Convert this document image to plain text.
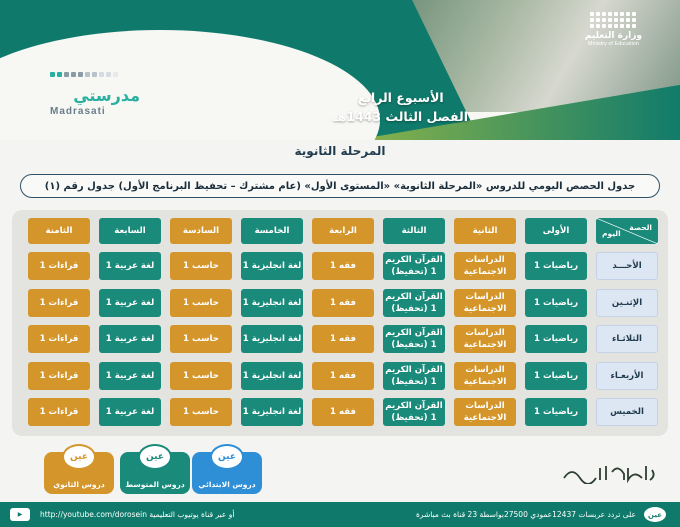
وزارة التعليم
Ministry of Education
الأسبوع الرابع
الفصل الثالث 1443هـ
مدرستي
Madrasati
المرحلة الثانوية
جدول الحصص اليومي للدروس «المرحلة الثانوية» «المستوى الأول» (عام مشترك – تحفيظ البرنامج الأول) جدول رقم (١)
الحصة
اليوم
الأولى
الثانية
الثالثة
الرابعة
الخامسة
السادسة
السابعة
الثامنة
الأحـــد
رياضيات 1
الدراسات الاجتماعية
القرآن الكريم 1 (تحفيظ)
فقه 1
لغة انجليزية 1
حاسب 1
لغة عربية 1
قراءات 1
الإثنـين
رياضيات 1
الدراسات الاجتماعية
القرآن الكريم 1 (تحفيظ)
فقه 1
لغة انجليزية 1
حاسب 1
لغة عربية 1
قراءات 1
الثلاثـاء
رياضيات 1
الدراسات الاجتماعية
القرآن الكريم 1 (تحفيظ)
فقه 1
لغة انجليزية 1
حاسب 1
لغة عربية 1
قراءات 1
الأربعـاء
رياضيات 1
الدراسات الاجتماعية
القرآن الكريم 1 (تحفيظ)
فقه 1
لغة انجليزية 1
حاسب 1
لغة عربية 1
قراءات 1
الخميس
رياضيات 1
الدراسات الاجتماعية
القرآن الكريم 1 (تحفيظ)
فقه 1
لغة انجليزية 1
حاسب 1
لغة عربية 1
قراءات 1
عين
دروس الابتدائي
عين
دروس المتوسط
عين
دروس الثانوي
عين
على تردد عربسات 12437عمودي 27500بواسطة 23 قناة بث مباشرة
▶	أو عبر قناة يوتيوب التعليمية http://youtube.com/dorosein
